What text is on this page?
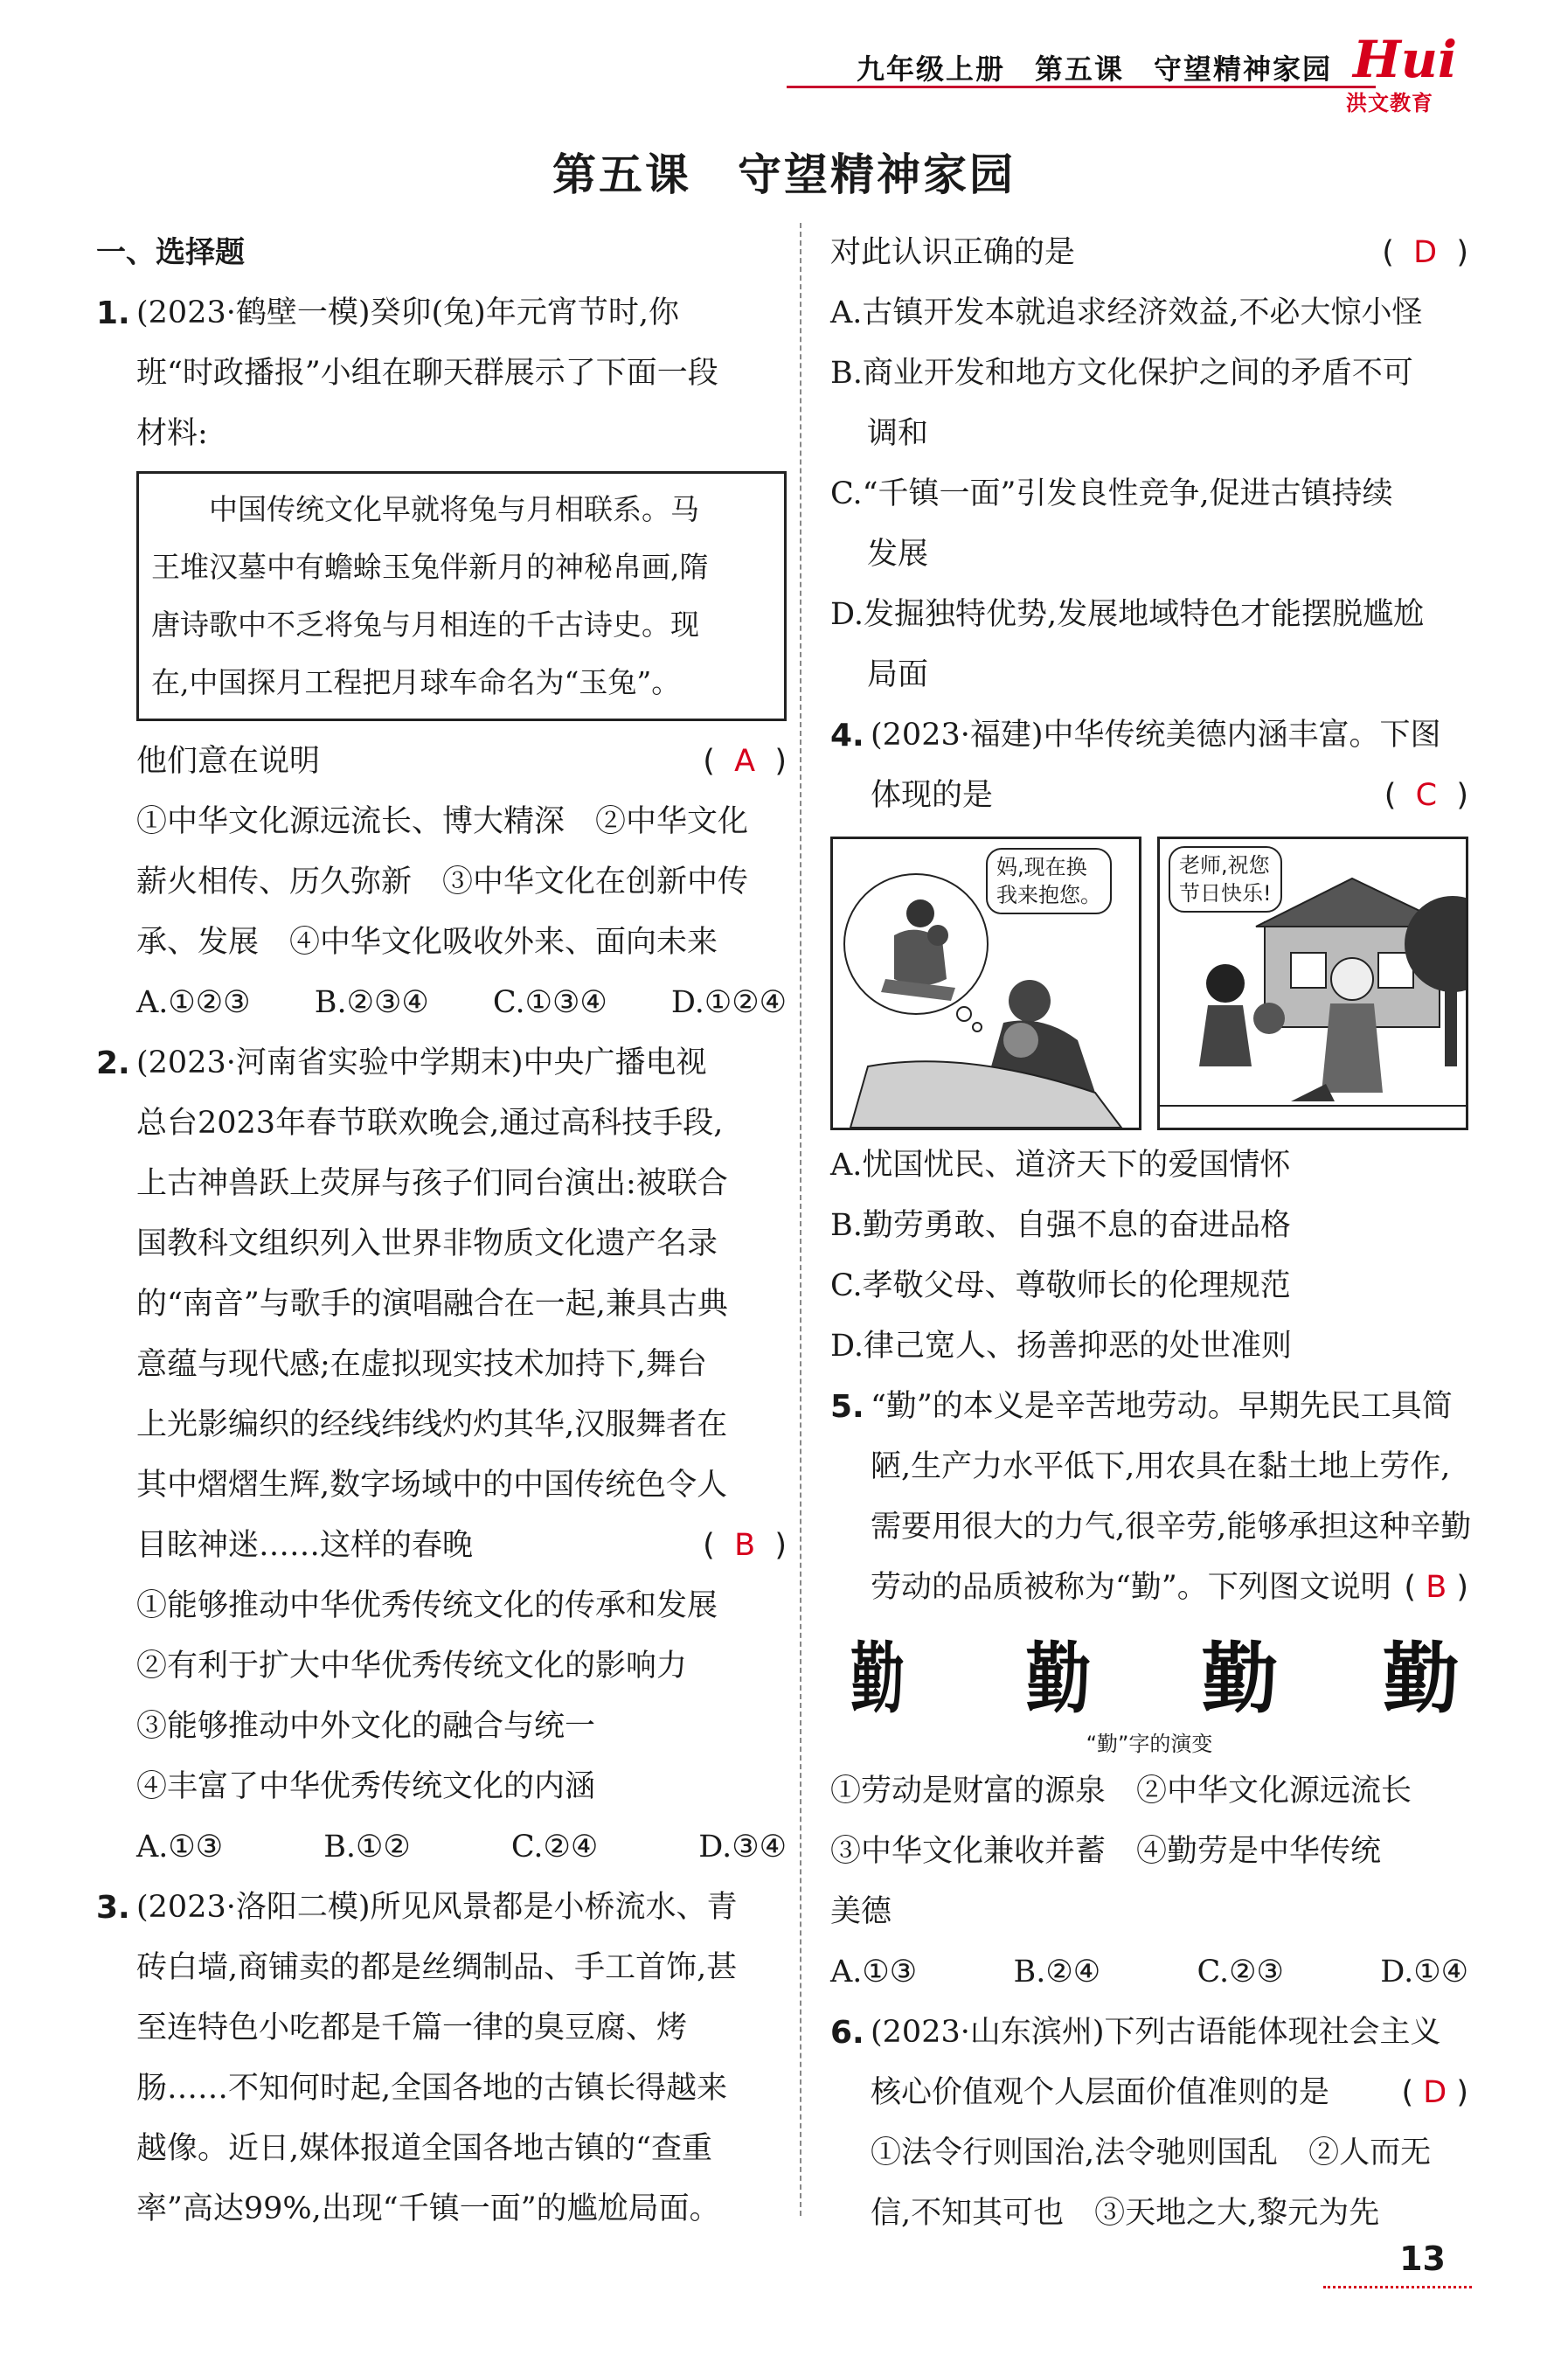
九年级上册　第五课　守望精神家园 Hui
洪文教育
第五课　守望精神家园
一、选择题
1. (2023·鹤壁一模)癸卯(兔)年元宵节时,你
班“时政播报”小组在聊天群展示了下面一段
材料:
　　中国传统文化早就将兔与月相联系。马
王堆汉墓中有蟾蜍玉兔伴新月的神秘帛画,隋
唐诗歌中不乏将兔与月相连的千古诗史。现
在,中国探月工程把月球车命名为“玉兔”。
他们意在说明	( A )
①中华文化源远流长、博大精深　②中华文化
薪火相传、历久弥新　③中华文化在创新中传
承、发展　④中华文化吸收外来、面向未来
A.①②③ B.②③④ C.①③④ D.①②④
2. (2023·河南省实验中学期末)中央广播电视
总台2023年春节联欢晚会,通过高科技手段,
上古神兽跃上荧屏与孩子们同台演出:被联合
国教科文组织列入世界非物质文化遗产名录
的“南音”与歌手的演唱融合在一起,兼具古典
意蕴与现代感;在虚拟现实技术加持下,舞台
上光影编织的经线纬线灼灼其华,汉服舞者在
其中熠熠生辉,数字场域中的中国传统色令人
目眩神迷……这样的春晚	( B )
①能够推动中华优秀传统文化的传承和发展
②有利于扩大中华优秀传统文化的影响力
③能够推动中外文化的融合与统一
④丰富了中华优秀传统文化的内涵
A.①③	B.①②	C.②④	D.③④
3. (2023·洛阳二模)所见风景都是小桥流水、青
砖白墙,商铺卖的都是丝绸制品、手工首饰,甚
至连特色小吃都是千篇一律的臭豆腐、烤
肠……不知何时起,全国各地的古镇长得越来
越像。近日,媒体报道全国各地古镇的“查重
率”高达99%,出现“千镇一面”的尴尬局面。
对此认识正确的是	( D )
A.古镇开发本就追求经济效益,不必大惊小怪
B.商业开发和地方文化保护之间的矛盾不可
调和
C.“千镇一面”引发良性竞争,促进古镇持续
发展
D.发掘独特优势,发展地域特色才能摆脱尴尬
局面
4. (2023·福建)中华传统美德内涵丰富。下图
体现的是	( C )
妈,现在换
我来抱您。
老师,祝您
节日快乐!
A.忧国忧民、道济天下的爱国情怀
B.勤劳勇敢、自强不息的奋进品格
C.孝敬父母、尊敬师长的伦理规范
D.律己宽人、扬善抑恶的处世准则
5. “勤”的本义是辛苦地劳动。早期先民工具简
陋,生产力水平低下,用农具在黏土地上劳作,
需要用很大的力气,很辛劳,能够承担这种辛勤
劳动的品质被称为“勤”。下列图文说明 ( B )
勤 勤 勤 勤
“勤”字的演变
①劳动是财富的源泉　②中华文化源远流长
③中华文化兼收并蓄　④勤劳是中华传统
美德
A.①③	B.②④	C.②③	D.①④
6. (2023·山东滨州)下列古语能体现社会主义
核心价值观个人层面价值准则的是 ( D )
①法令行则国治,法令驰则国乱　②人而无
信,不知其可也　③天地之大,黎元为先
13
